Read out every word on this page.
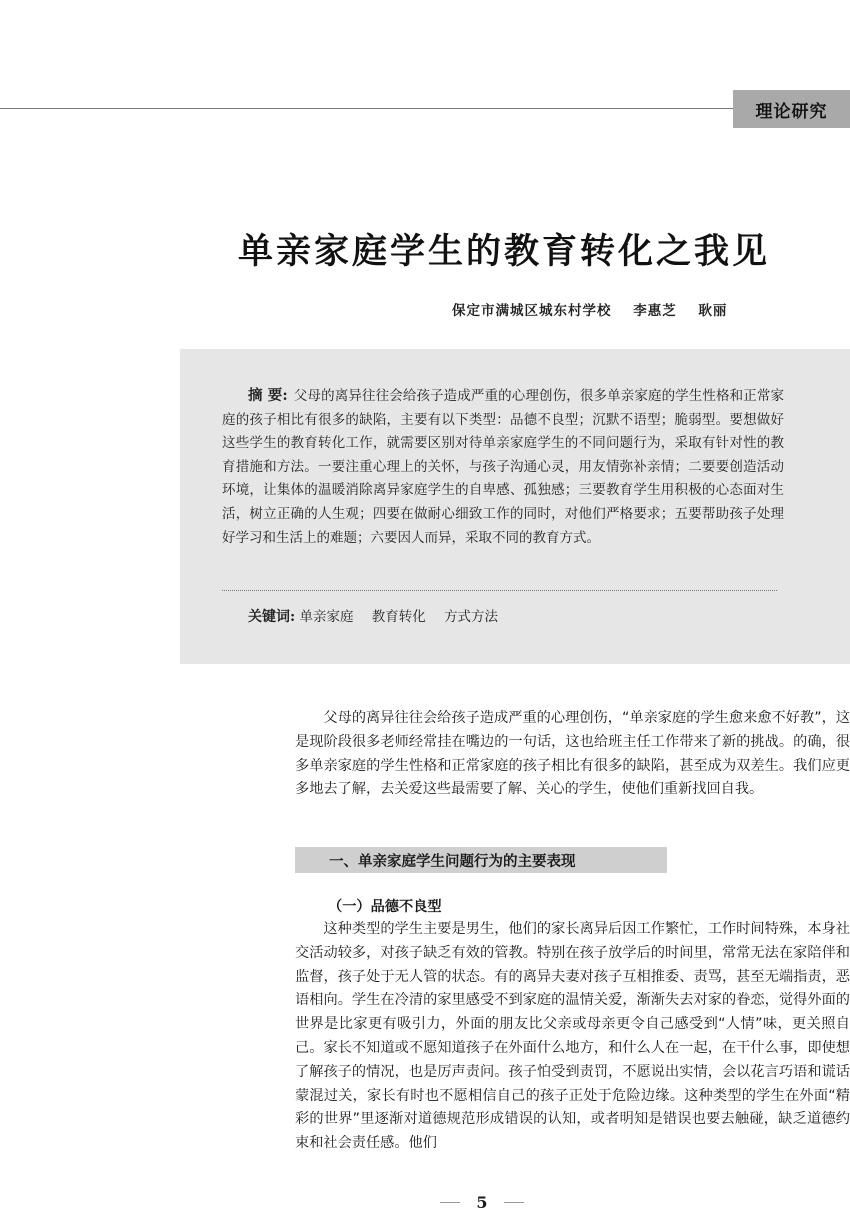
理论研究
单亲家庭学生的教育转化之我见
保定市满城区城东村学校 李惠芝 耿丽

摘 要: 父母的离异往往会给孩子造成严重的心理创伤，很多单亲家庭的学生性格和正常家庭的孩子相比有很多的缺陷，主要有以下类型：品德不良型；沉默不语型；脆弱型。要想做好这些学生的教育转化工作，就需要区别对待单亲家庭学生的不同问题行为，采取有针对性的教育措施和方法。一要注重心理上的关怀，与孩子沟通心灵，用友情弥补亲情；二要要创造活动环境，让集体的温暖消除离异家庭学生的自卑感、孤独感；三要教育学生用积极的心态面对生活，树立正确的人生观；四要在做耐心细致工作的同时，对他们严格要求；五要帮助孩子处理好学习和生活上的难题；六要因人而异，采取不同的教育方式。

关键词: 单亲家庭 教育转化 方式方法

父母的离异往往会给孩子造成严重的心理创伤，“单亲家庭的学生愈来愈不好教”，这是现阶段很多老师经常挂在嘴边的一句话，这也给班主任工作带来了新的挑战。的确，很多单亲家庭的学生性格和正常家庭的孩子相比有很多的缺陷，甚至成为双差生。我们应更多地去了解，去关爱这些最需要了解、关心的学生，使他们重新找回自我。

一、单亲家庭学生问题行为的主要表现
（一）品德不良型

这种类型的学生主要是男生，他们的家长离异后因工作繁忙，工作时间特殊，本身社交活动较多，对孩子缺乏有效的管教。特别在孩子放学后的时间里，常常无法在家陪伴和监督，孩子处于无人管的状态。有的离异夫妻对孩子互相推委、责骂，甚至无端指责，恶语相向。学生在冷清的家里感受不到家庭的温情关爱，渐渐失去对家的眷恋，觉得外面的世界是比家更有吸引力，外面的朋友比父亲或母亲更令自己感受到“人情”味，更关照自己。家长不知道或不愿知道孩子在外面什么地方，和什么人在一起，在干什么事，即使想了解孩子的情况，也是厉声责问。孩子怕受到责罚，不愿说出实情，会以花言巧语和谎话蒙混过关，家长有时也不愿相信自己的孩子正处于危险边缘。这种类型的学生在外面“精彩的世界”里逐渐对道德规范形成错误的认知，或者明知是错误也要去触碰，缺乏道德约束和社会责任感。他们

5
